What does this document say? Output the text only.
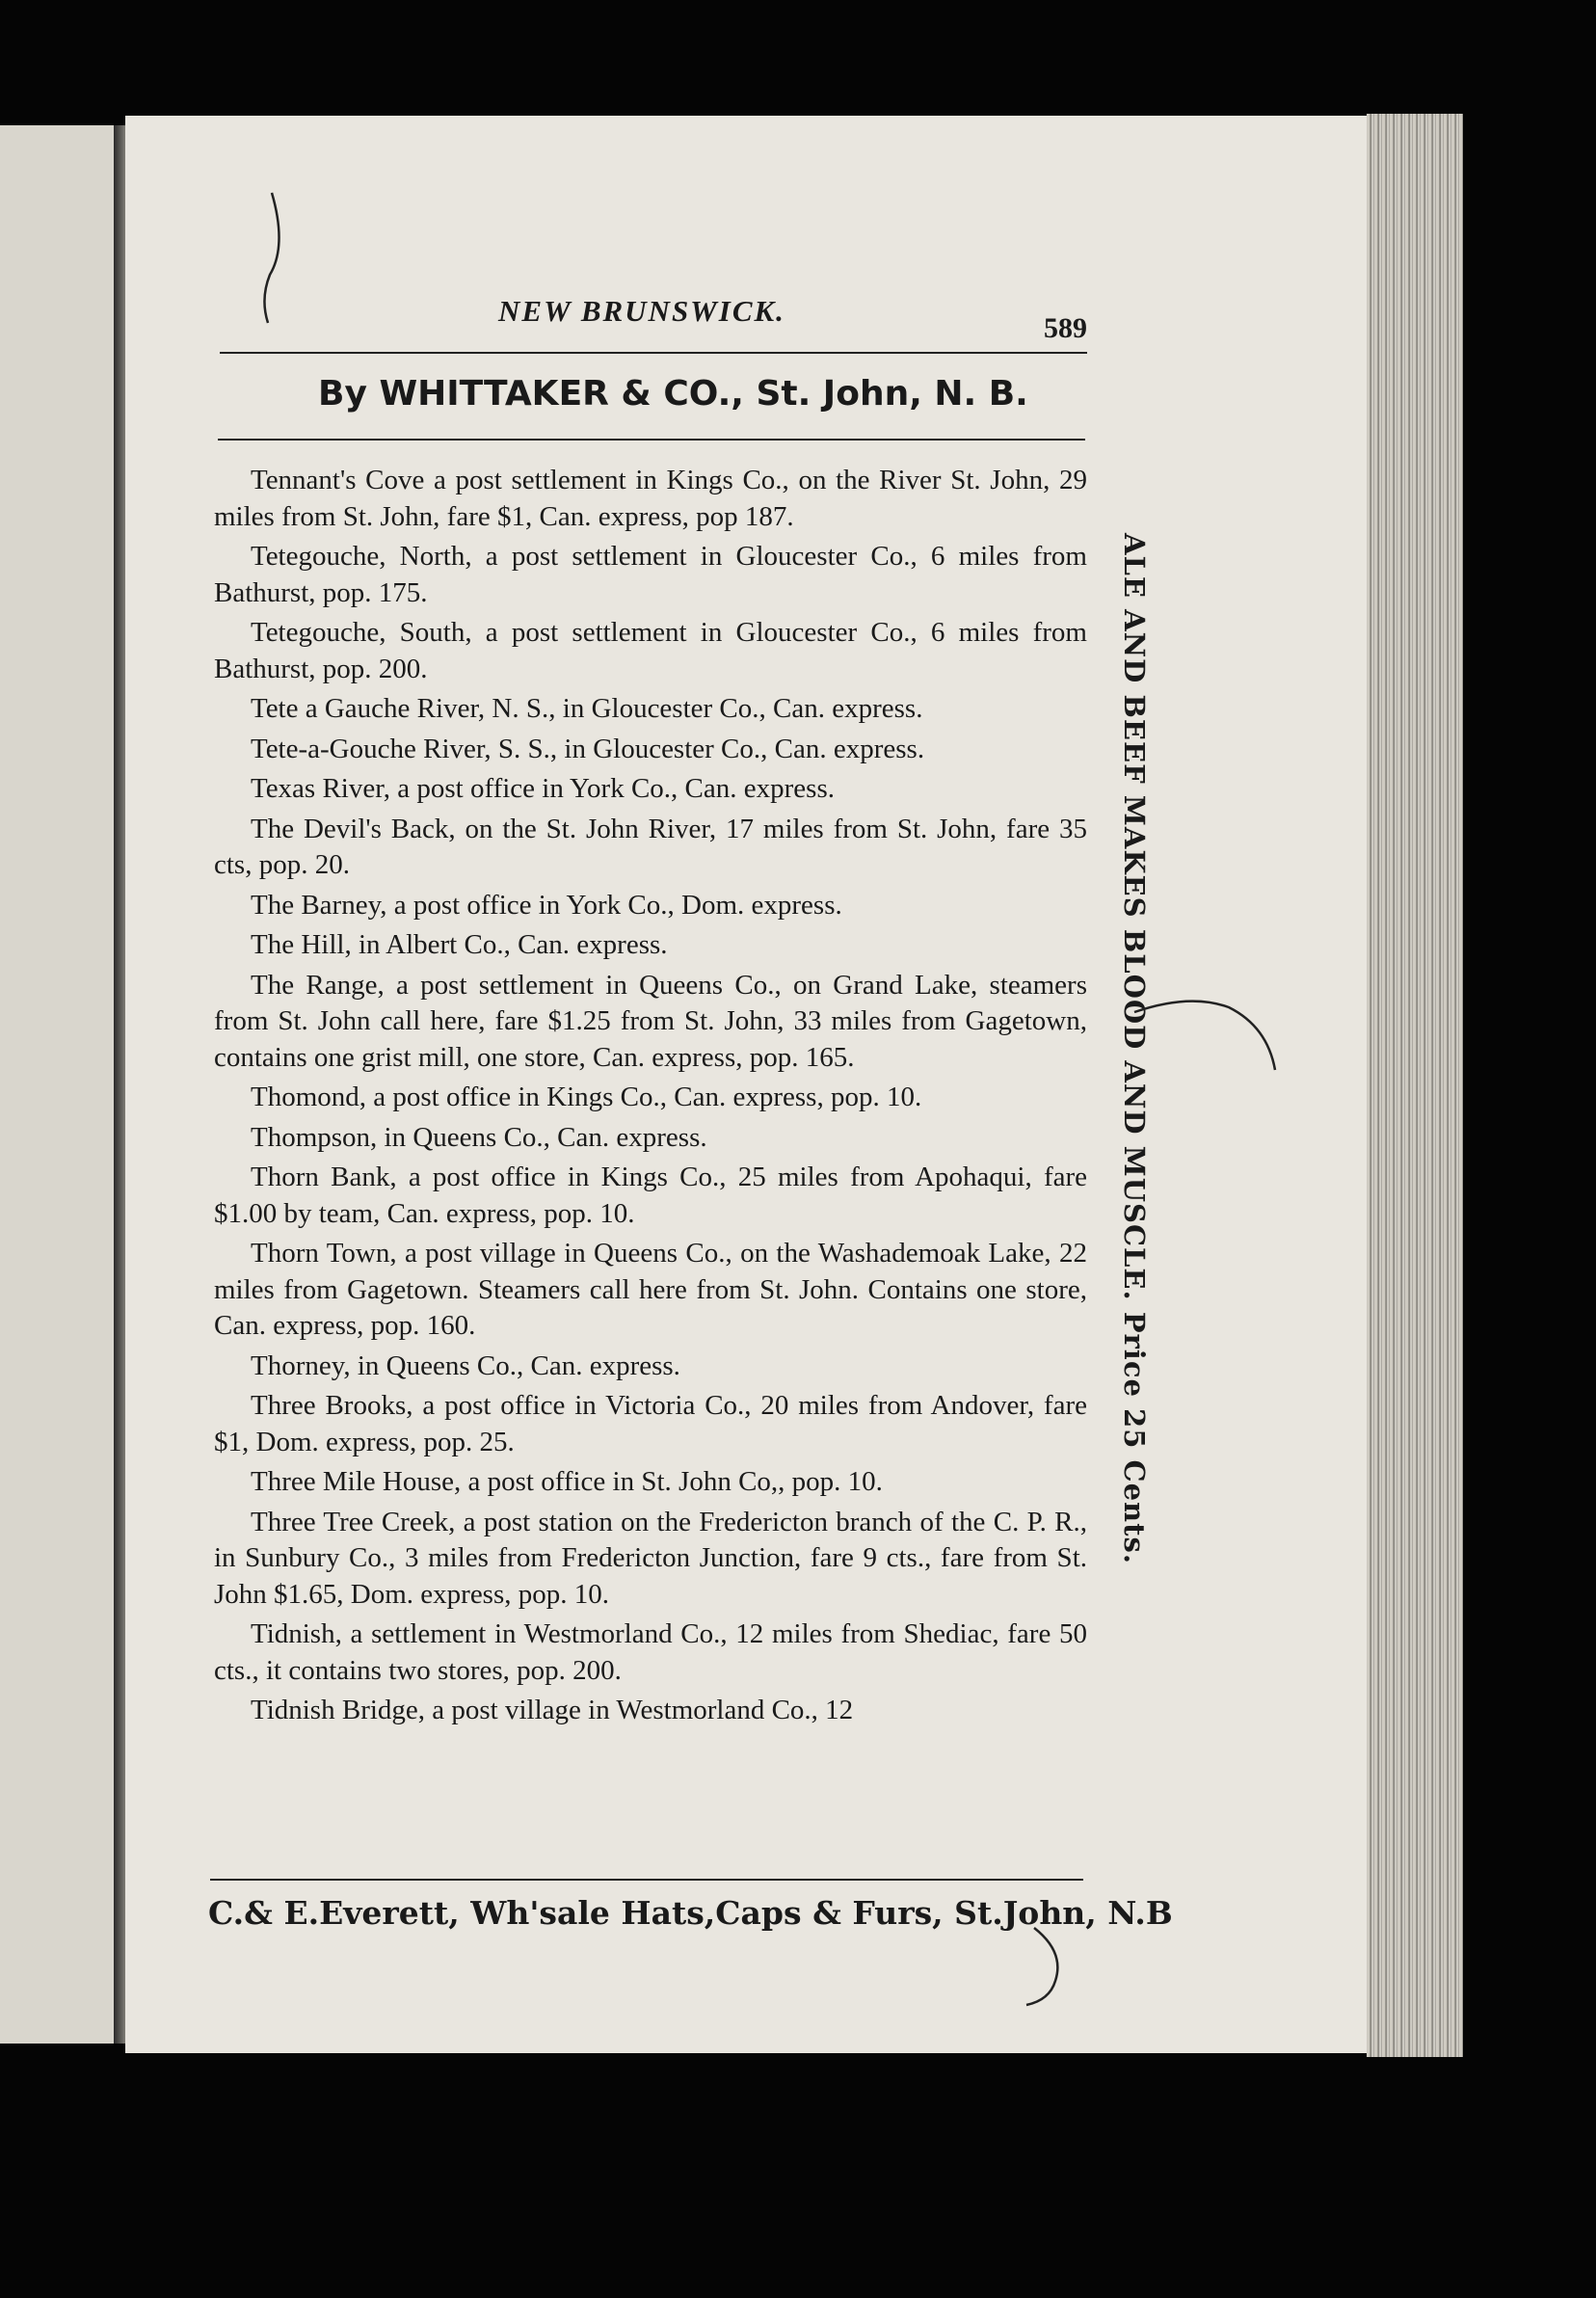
NEW BRUNSWICK.
589
By WHITTAKER & CO., St. John, N. B.

Tennant's Cove a post settlement in Kings Co., on the River St. John, 29 miles from St. John, fare $1, Can. express, pop 187.

Tetegouche, North, a post settlement in Gloucester Co., 6 miles from Bathurst, pop. 175.

Tetegouche, South, a post settlement in Gloucester Co., 6 miles from Bathurst, pop. 200.

Tete a Gauche River, N. S., in Gloucester Co., Can. express.

Tete-a-Gouche River, S. S., in Gloucester Co., Can. express.

Texas River, a post office in York Co., Can. express.

The Devil's Back, on the St. John River, 17 miles from St. John, fare 35 cts, pop. 20.

The Barney, a post office in York Co., Dom. express.

The Hill, in Albert Co., Can. express.

The Range, a post settlement in Queens Co., on Grand Lake, steamers from St. John call here, fare $1.25 from St. John, 33 miles from Gagetown, contains one grist mill, one store, Can. express, pop. 165.

Thomond, a post office in Kings Co., Can. express, pop. 10.

Thompson, in Queens Co., Can. express.

Thorn Bank, a post office in Kings Co., 25 miles from Apohaqui, fare $1.00 by team, Can. express, pop. 10.

Thorn Town, a post village in Queens Co., on the Washademoak Lake, 22 miles from Gagetown. Steamers call here from St. John. Contains one store, Can. express, pop. 160.

Thorney, in Queens Co., Can. express.

Three Brooks, a post office in Victoria Co., 20 miles from Andover, fare $1, Dom. express, pop. 25.

Three Mile House, a post office in St. John Co,, pop. 10.

Three Tree Creek, a post station on the Fredericton branch of the C. P. R., in Sunbury Co., 3 miles from Fredericton Junction, fare 9 cts., fare from St. John $1.65, Dom. express, pop. 10.

Tidnish, a settlement in Westmorland Co., 12 miles from Shediac, fare 50 cts., it contains two stores, pop. 200.

Tidnish Bridge, a post village in Westmorland Co., 12

ALE AND BEEF MAKES BLOOD AND MUSCLE. Price 25 Cents.
C.& E.Everett, Wh'sale Hats,Caps & Furs, St.John, N.B
